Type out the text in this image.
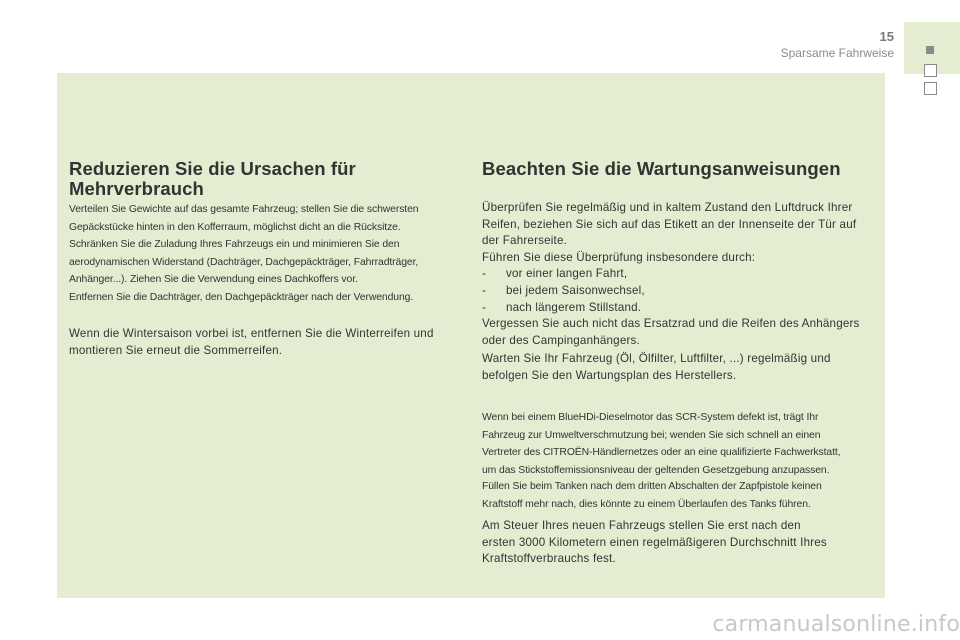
15
Sparsame Fahrweise
Reduzieren Sie die Ursachen für
Mehrverbrauch
Verteilen Sie Gewichte auf das gesamte Fahrzeug; stellen Sie die schwersten
Gepäckstücke hinten in den Kofferraum, möglichst dicht an die Rücksitze.
Schränken Sie die Zuladung Ihres Fahrzeugs ein und minimieren Sie den
aerodynamischen Widerstand (Dachträger, Dachgepäckträger, Fahrradträger,
Anhänger...). Ziehen Sie die Verwendung eines Dachkoffers vor.
Entfernen Sie die Dachträger, den Dachgepäckträger nach der Verwendung.
Wenn die Wintersaison vorbei ist, entfernen Sie die Winterreifen und
montieren Sie erneut die Sommerreifen.
Beachten Sie die Wartungsanweisungen
Überprüfen Sie regelmäßig und in kaltem Zustand den Luftdruck Ihrer
Reifen, beziehen Sie sich auf das Etikett an der Innenseite der Tür auf
der Fahrerseite.
Führen Sie diese Überprüfung insbesondere durch:
- vor einer langen Fahrt,
- bei jedem Saisonwechsel,
- nach längerem Stillstand.
Vergessen Sie auch nicht das Ersatzrad und die Reifen des Anhängers
oder des Campinganhängers.
Warten Sie Ihr Fahrzeug (Öl, Ölfilter, Luftfilter, ...) regelmäßig und
befolgen Sie den Wartungsplan des Herstellers.
Wenn bei einem BlueHDi-Dieselmotor das SCR-System defekt ist, trägt Ihr
Fahrzeug zur Umweltverschmutzung bei; wenden Sie sich schnell an einen
Vertreter des CITROËN-Händlernetzes oder an eine qualifizierte Fachwerkstatt,
um das Stickstoffemissionsniveau der geltenden Gesetzgebung anzupassen.
Füllen Sie beim Tanken nach dem dritten Abschalten der Zapfpistole keinen
Kraftstoff mehr nach, dies könnte zu einem Überlaufen des Tanks führen.
Am Steuer Ihres neuen Fahrzeugs stellen Sie erst nach den
ersten 3000 Kilometern einen regelmäßigeren Durchschnitt Ihres
Kraftstoffverbrauchs fest.
carmanualsonline.info
